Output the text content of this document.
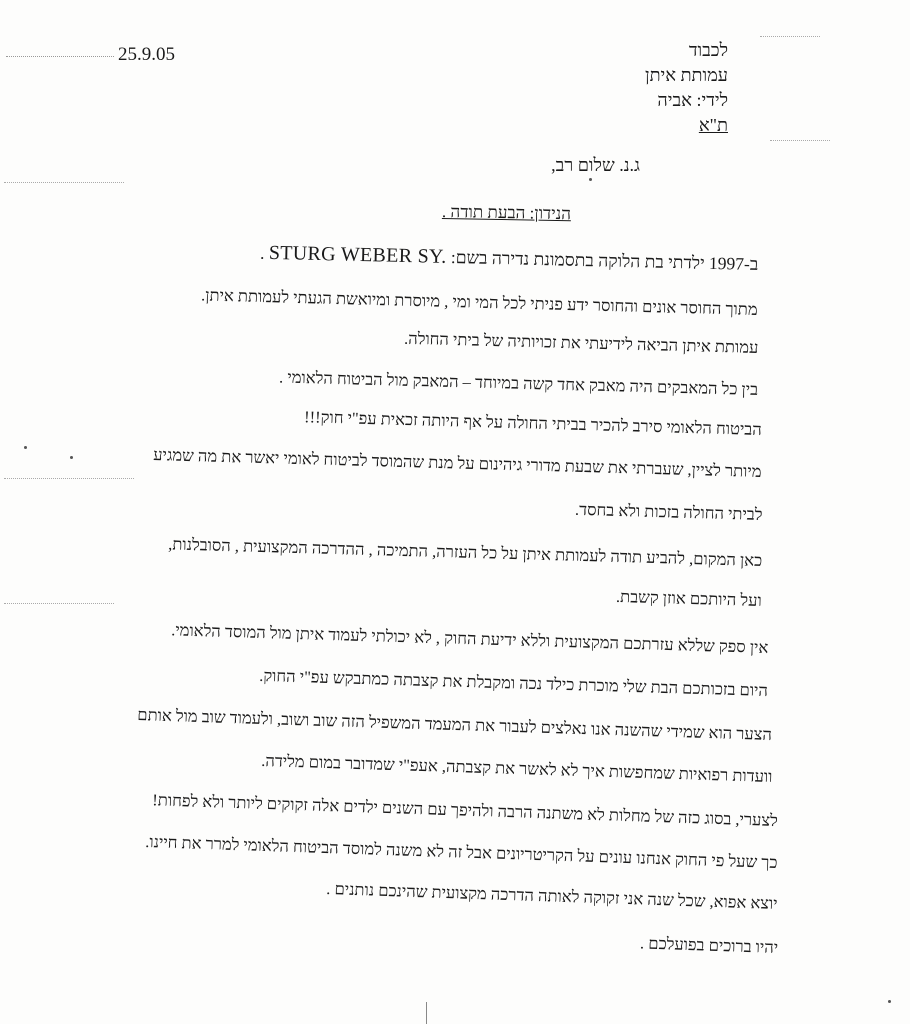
25.9.05	לכבוד
עמותת איתן
לידי: אביה
ת"א
ג.נ. שלום רב,
הנידון: הבעת תודה .
ב-1997 ילדתי בת הלוקה בתסמונת נדירה בשם: STURG WEBER SY. .
מתוך החוסר אונים והחוסר ידע פניתי לכל המי ומי , מיוסרת ומיואשת הגעתי לעמותת איתן.
עמותת איתן הביאה לידיעתי את זכויותיה של ביתי החולה.
בין כל המאבקים היה מאבק אחד קשה במיוחד – המאבק מול הביטוח הלאומי .
הביטוח הלאומי סירב להכיר בביתי החולה על אף היותה זכאית עפ"י חוק!!!
מיותר לציין, שעברתי את שבעת מדורי גיהינום על מנת שהמוסד לביטוח לאומי יאשר את מה שמגיע
לביתי החולה בזכות ולא בחסד.
כאן המקום, להביע תודה לעמותת איתן על כל העזרה, התמיכה , ההדרכה המקצועית , הסובלנות,
ועל היותכם אוזן קשבת.
אין ספק שללא עזרתכם המקצועית וללא ידיעת החוק , לא יכולתי לעמוד איתן מול המוסד הלאומי.
היום בזכותכם הבת שלי מוכרת כילד נכה ומקבלת את קצבתה כמתבקש עפ"י החוק.
הצער הוא שמידי שהשנה אנו נאלצים לעבור את המעמד המשפיל הזה שוב ושוב, ולעמוד שוב מול אותם
וועדות רפואיות שמחפשות איך לא לאשר את קצבתה, אעפ"י שמדובר במום מלידה.
לצערי, בסוג כזה של מחלות לא משתנה הרבה ולהיפך עם השנים ילדים אלה זקוקים ליותר ולא לפחות!
כך שעל פי החוק אנחנו עונים על הקריטריונים אבל זה לא משנה למוסד הביטוח הלאומי למרר את חיינו.
יוצא אפוא, שכל שנה אני זקוקה לאותה הדרכה מקצועית שהינכם נותנים .
יהיו ברוכים בפועלכם .
